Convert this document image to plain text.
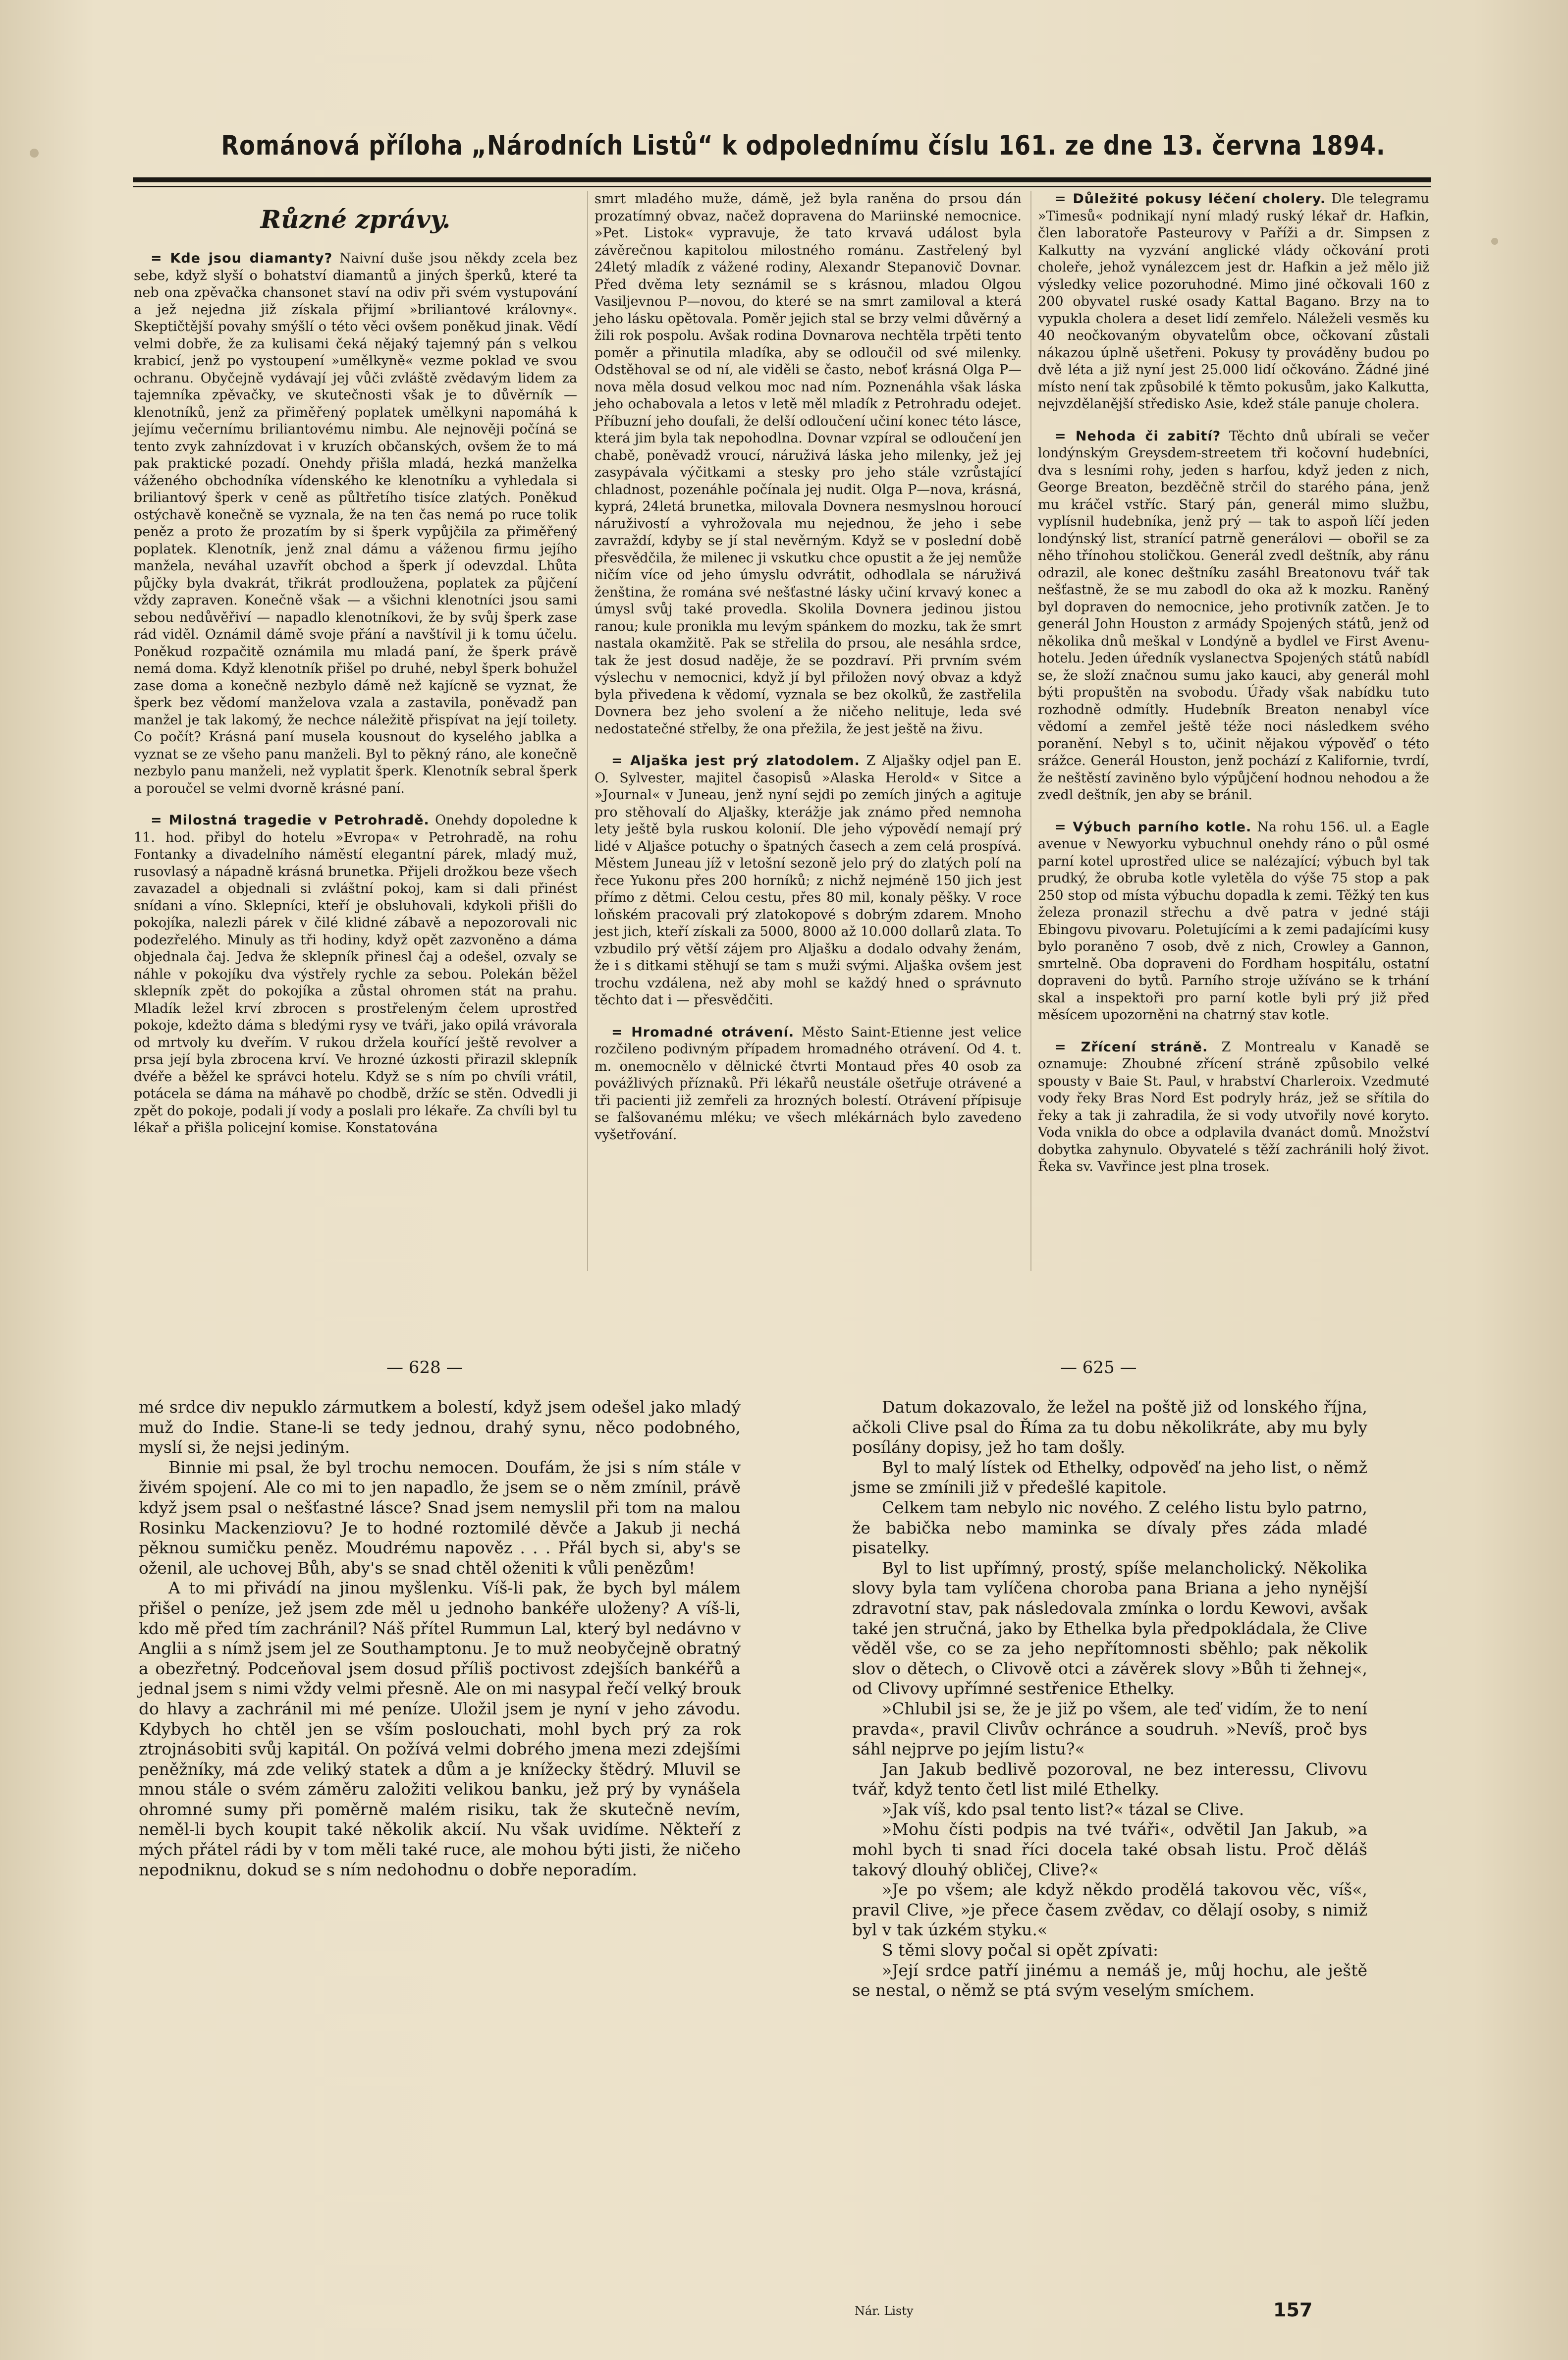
Románová příloha „Národních Listů“ k odpolednímu číslu 161. ze dne 13. června 1894.
Různé zprávy.

= Kde jsou diamanty? Naivní duše jsou někdy zcela bez sebe, když slyší o bohatství diamantů a jiných šperků, které ta neb ona zpěvačka chansonet staví na odiv při svém vystupování a jež nejedna již získala přijmí »briliantové královny«. Skeptičtější povahy smýšlí o této věci ovšem poněkud jinak. Vědí velmi dobře, že za kulisami čeká nějaký tajemný pán s velkou krabicí, jenž po vystoupení »umělkyně« vezme poklad ve svou ochranu. Obyčejně vydávají jej vůči zvláště zvědavým lidem za tajemníka zpěvačky, ve skutečnosti však je to důvěrník — klenotníků, jenž za přiměřený poplatek umělkyni napomáhá k jejímu večernímu briliantovému nimbu. Ale nejnověji počíná se tento zvyk zahnízdovat i v kruzích občanských, ovšem že to má pak praktické pozadí. Onehdy přišla mladá, hezká manželka váženého obchodníka vídenského ke klenotníku a vyhledala si briliantový šperk v ceně as půltřetího tisíce zlatých. Poněkud ostýchavě konečně se vyznala, že na ten čas nemá po ruce tolik peněz a proto že prozatím by si šperk vypůjčila za přiměřený poplatek. Klenotník, jenž znal dámu a váženou firmu jejího manžela, neváhal uzavřít obchod a šperk jí odevzdal. Lhůta půjčky byla dvakrát, třikrát prodloužena, poplatek za půjčení vždy zapraven. Konečně však — a všichni klenotníci jsou sami sebou nedůvěřiví — napadlo klenotníkovi, že by svůj šperk zase rád viděl. Oznámil dámě svoje přání a navštívil ji k tomu účelu. Poněkud rozpačitě oznámila mu mladá paní, že šperk právě nemá doma. Když klenotník přišel po druhé, nebyl šperk bohužel zase doma a konečně nezbylo dámě než kajícně se vyznat, že šperk bez vědomí manželova vzala a zastavila, poněvadž pan manžel je tak lakomý, že nechce náležitě přispívat na její toilety. Co počít? Krásná paní musela kousnout do kyselého jablka a vyznat se ze všeho panu manželi. Byl to pěkný ráno, ale konečně nezbylo panu manželi, než vyplatit šperk. Klenotník sebral šperk a poroučel se velmi dvorně krásné paní.

= Milostná tragedie v Petrohradě. Onehdy dopoledne k 11. hod. přibyl do hotelu »Evropa« v Petrohradě, na rohu Fontanky a divadelního náměstí elegantní párek, mladý muž, rusovlasý a nápadně krásná brunetka. Přijeli drožkou beze všech zavazadel a objednali si zvláštní pokoj, kam si dali přinést snídani a víno. Sklepníci, kteří je obsluhovali, kdykoli přišli do pokojíka, nalezli párek v čilé klidné zábavě a nepozorovali nic podezřelého. Minuly as tři hodiny, když opět zazvoněno a dáma objednala čaj. Jedva že sklepník přinesl čaj a odešel, ozvaly se náhle v pokojíku dva výstřely rychle za sebou. Polekán běžel sklepník zpět do pokojíka a zůstal ohromen stát na prahu. Mladík ležel krví zbrocen s prostřeleným čelem uprostřed pokoje, kdežto dáma s bledými rysy ve tváři, jako opilá vrávorala od mrtvoly ku dveřím. V rukou držela kouřící ještě revolver a prsa její byla zbrocena krví. Ve hrozné úzkosti přirazil sklepník dvéře a běžel ke správci hotelu. Když se s ním po chvíli vrátil, potácela se dáma na máhavě po chodbě, držíc se stěn. Odvedli ji zpět do pokoje, podali jí vody a poslali pro lékaře. Za chvíli byl tu lékař a přišla policejní komise. Konstatována

smrt mladého muže, dámě, jež byla raněna do prsou dán prozatímný obvaz, načež dopravena do Mariinské nemocnice. »Pet. Listok« vypravuje, že tato krvavá událost byla závěrečnou kapitolou milostného románu. Zastřelený byl 24letý mladík z vážené rodiny, Alexandr Stepanovič Dovnar. Před dvěma lety seznámil se s krásnou, mladou Olgou Vasiljevnou P—novou, do které se na smrt zamiloval a která jeho lásku opětovala. Poměr jejich stal se brzy velmi důvěrný a žili rok pospolu. Avšak rodina Dovnarova nechtěla trpěti tento poměr a přinutila mladíka, aby se odloučil od své milenky. Odstěhoval se od ní, ale viděli se často, neboť krásná Olga P—nova měla dosud velkou moc nad ním. Poznenáhla však láska jeho ochabovala a letos v letě měl mladík z Petrohradu odejet. Příbuzní jeho doufali, že delší odloučení učiní konec této lásce, která jim byla tak nepohodlna. Dovnar vzpíral se odloučení jen chabě, poněvadž vroucí, náruživá láska jeho milenky, jež jej zasypávala výčitkami a stesky pro jeho stále vzrůstající chladnost, pozenáhle počínala jej nudit. Olga P—nova, krásná, kyprá, 24letá brunetka, milovala Dovnera nesmyslnou horoucí náruživostí a vyhrožovala mu nejednou, že jeho i sebe zavraždí, kdyby se jí stal nevěrným. Když se v poslední době přesvědčila, že milenec ji vskutku chce opustit a že jej nemůže ničím více od jeho úmyslu odvrátit, odhodlala se náruživá ženština, že romána své nešťastné lásky učiní krvavý konec a úmysl svůj také provedla. Skolila Dovnera jedinou jistou ranou; kule pronikla mu levým spánkem do mozku, tak že smrt nastala okamžitě. Pak se střelila do prsou, ale nesáhla srdce, tak že jest dosud naděje, že se pozdraví. Při prvním svém výslechu v nemocnici, když jí byl přiložen nový obvaz a když byla přivedena k vědomí, vyznala se bez okolků, že zastřelila Dovnera bez jeho svolení a že ničeho nelituje, leda své nedostatečné střelby, že ona přežila, že jest ještě na živu.

= Aljaška jest prý zlatodolem. Z Aljašky odjel pan E. O. Sylvester, majitel časopisů »Alaska Herold« v Sitce a »Journal« v Juneau, jenž nyní sejdi po zemích jiných a agituje pro stěhovalí do Aljašky, kterážje jak známo před nemnoha lety ještě byla ruskou kolonií. Dle jeho výpovědí nemají prý lidé v Aljašce potuchy o špatných časech a zem celá prospívá. Městem Juneau jíž v letošní sezoně jelo prý do zlatých polí na řece Yukonu přes 200 horníků; z nichž nejméně 150 jich jest přímo z dětmi. Celou cestu, přes 80 mil, konaly pěšky. V roce loňském pracovali prý zlatokopové s dobrým zdarem. Mnoho jest jich, kteří získali za 5000, 8000 až 10.000 dollarů zlata. To vzbudilo prý větší zájem pro Aljašku a dodalo odvahy ženám, že i s ditkami stěhují se tam s muži svými. Aljaška ovšem jest trochu vzdálena, než aby mohl se každý hned o správnuto těchto dat i — přesvědčiti.

= Hromadné otrávení. Město Saint-Etienne jest velice rozčileno podivným případem hromadného otrávení. Od 4. t. m. onemocnělo v dělnické čtvrti Montaud přes 40 osob za povážlivých příznaků. Při lékařů neustále ošetřuje otrávené a tři pacienti již zemřeli za hrozných bolestí. Otrávení přípisuje se falšovanému mléku; ve všech mlékárnách bylo zavedeno vyšetřování.

= Důležité pokusy léčení cholery. Dle telegramu »Timesů« podnikají nyní mladý ruský lékař dr. Hafkin, člen laboratoře Pasteurovy v Paříži a dr. Simpsen z Kalkutty na vyzvání anglické vlády očkování proti choleře, jehož vynálezcem jest dr. Hafkin a jež mělo již výsledky velice pozoruhodné. Mimo jiné očkovali 160 z 200 obyvatel ruské osady Kattal Bagano. Brzy na to vypukla cholera a deset lidí zemřelo. Náleželi vesměs ku 40 neočkovaným obyvatelům obce, očkovaní zůstali nákazou úplně ušetřeni. Pokusy ty prováděny budou po dvě léta a již nyní jest 25.000 lidí očkováno. Žádné jiné místo není tak způsobilé k těmto pokusům, jako Kalkutta, nejvzdělanější středisko Asie, kdež stále panuje cholera.

= Nehoda či zabití? Těchto dnů ubírali se večer londýnským Greysdem-streetem tři kočovní hudebníci, dva s lesními rohy, jeden s harfou, když jeden z nich, George Breaton, bezděčně strčil do starého pána, jenž mu kráčel vstříc. Starý pán, generál mimo službu, vyplísnil hudebníka, jenž prý — tak to aspoň líčí jeden londýnský list, stranící patrně generálovi — obořil se za něho třínohou stoličkou. Generál zvedl deštník, aby ránu odrazil, ale konec deštníku zasáhl Breatonovu tvář tak nešťastně, že se mu zabodl do oka až k mozku. Raněný byl dopraven do nemocnice, jeho protivník zatčen. Je to generál John Houston z armády Spojených států, jenž od několika dnů meškal v Londýně a bydlel ve First Avenu-hotelu. Jeden úředník vyslanectva Spojených států nabídl se, že složí značnou sumu jako kauci, aby generál mohl býti propuštěn na svobodu. Úřady však nabídku tuto rozhodně odmítly. Hudebník Breaton nenabyl více vědomí a zemřel ještě téže noci následkem svého poranění. Nebyl s to, učinit nějakou výpověď o této srážce. Generál Houston, jenž pochází z Kalifornie, tvrdí, že neštěstí zaviněno bylo výpůjčení hodnou nehodou a že zvedl deštník, jen aby se bránil.

= Výbuch parního kotle. Na rohu 156. ul. a Eagle avenue v Newyorku vybuchnul onehdy ráno o půl osmé parní kotel uprostřed ulice se nalézající; výbuch byl tak prudký, že obruba kotle vyletěla do výše 75 stop a pak 250 stop od místa výbuchu dopadla k zemi. Těžký ten kus železa pronazil střechu a dvě patra v jedné stáji Ebingovu pivovaru. Poletujícími a k zemi padajícími kusy bylo poraněno 7 osob, dvě z nich, Crowley a Gannon, smrtelně. Oba dopraveni do Fordham hospitálu, ostatní dopraveni do bytů. Parního stroje užíváno se k trhání skal a inspektoři pro parní kotle byli prý již před měsícem upozorněni na chatrný stav kotle.

= Zřícení stráně. Z Montrealu v Kanadě se oznamuje: Zhoubné zřícení stráně způsobilo velké spousty v Baie St. Paul, v hrabství Charleroix. Vzedmuté vody řeky Bras Nord Est podryly hráz, jež se sřítila do řeky a tak ji zahradila, že si vody utvořily nové koryto. Voda vnikla do obce a odplavila dvanáct domů. Množství dobytka zahynulo. Obyvatelé s těží zachránili holý život. Řeka sv. Vavřince jest plna trosek.

— 628 —	— 625 —

mé srdce div nepuklo zármutkem a bolestí, když jsem odešel jako mladý muž do Indie. Stane-li se tedy jednou, drahý synu, něco podobného, myslí si, že nejsi jediným.

Binnie mi psal, že byl trochu nemocen. Doufám, že jsi s ním stále v živém spojení. Ale co mi to jen napadlo, že jsem se o něm zmínil, právě když jsem psal o nešťastné lásce? Snad jsem nemyslil při tom na malou Rosinku Mackenziovu? Je to hodné roztomilé děvče a Jakub ji nechá pěknou sumičku peněz. Moudrému napověz . . . Přál bych si, aby's se oženil, ale uchovej Bůh, aby's se snad chtěl oženiti k vůli penězům!

A to mi přivádí na jinou myšlenku. Víš-li pak, že bych byl málem přišel o peníze, jež jsem zde měl u jednoho bankéře uloženy? A víš-li, kdo mě před tím zachránil? Náš přítel Rummun Lal, který byl nedávno v Anglii a s nímž jsem jel ze Southamptonu. Je to muž neobyčejně obratný a obezřetný. Podceňoval jsem dosud příliš poctivost zdejších bankéřů a jednal jsem s nimi vždy velmi přesně. Ale on mi nasypal řečí velký brouk do hlavy a zachránil mi mé peníze. Uložil jsem je nyní v jeho závodu. Kdybych ho chtěl jen se vším poslouchati, mohl bych prý za rok ztrojnásobiti svůj kapitál. On požívá velmi dobrého jmena mezi zdejšími peněžníky, má zde veliký statek a dům a je knížecky štědrý. Mluvil se mnou stále o svém záměru založiti velikou banku, jež prý by vynášela ohromné sumy při poměrně malém risiku, tak že skutečně nevím, neměl-li bych koupit také několik akcií. Nu však uvidíme. Někteří z mých přátel rádi by v tom měli také ruce, ale mohou býti jisti, že ničeho nepodniknu, dokud se s ním nedohodnu o dobře neporadím.

Datum dokazovalo, že ležel na poště již od lonského října, ačkoli Clive psal do Říma za tu dobu několikráte, aby mu byly posílány dopisy, jež ho tam došly.

Byl to malý lístek od Ethelky, odpověď na jeho list, o němž jsme se zmínili již v předešlé kapitole.

Celkem tam nebylo nic nového. Z celého listu bylo patrno, že babička nebo maminka se dívaly přes záda mladé pisatelky.

Byl to list upřímný, prostý, spíše melancholický. Několika slovy byla tam vylíčena choroba pana Briana a jeho nynější zdravotní stav, pak následovala zmínka o lordu Kewovi, avšak také jen stručná, jako by Ethelka byla předpokládala, že Clive věděl vše, co se za jeho nepřítomnosti sběhlo; pak několik slov o dětech, o Clivově otci a závěrek slovy »Bůh ti žehnej«, od Clivovy upřímné sestřenice Ethelky.

»Chlubil jsi se, že je již po všem, ale teď vidím, že to není pravda«, pravil Clivův ochránce a soudruh. »Nevíš, proč bys sáhl nejprve po jejím listu?«

Jan Jakub bedlivě pozoroval, ne bez interessu, Clivovu tvář, když tento četl list milé Ethelky.

»Jak víš, kdo psal tento list?« tázal se Clive.

»Mohu čísti podpis na tvé tváři«, odvětil Jan Jakub, »a mohl bych ti snad říci docela také obsah listu. Proč děláš takový dlouhý obličej, Clive?«

»Je po všem; ale když někdo prodělá takovou věc, víš«, pravil Clive, »je přece časem zvědav, co dělají osoby, s nimiž byl v tak úzkém styku.«

S těmi slovy počal si opět zpívati:

»Její srdce patří jinému a nemáš je, můj hochu, ale ještě se nestal, o němž se ptá svým veselým smíchem.

Nár. Listy	157
